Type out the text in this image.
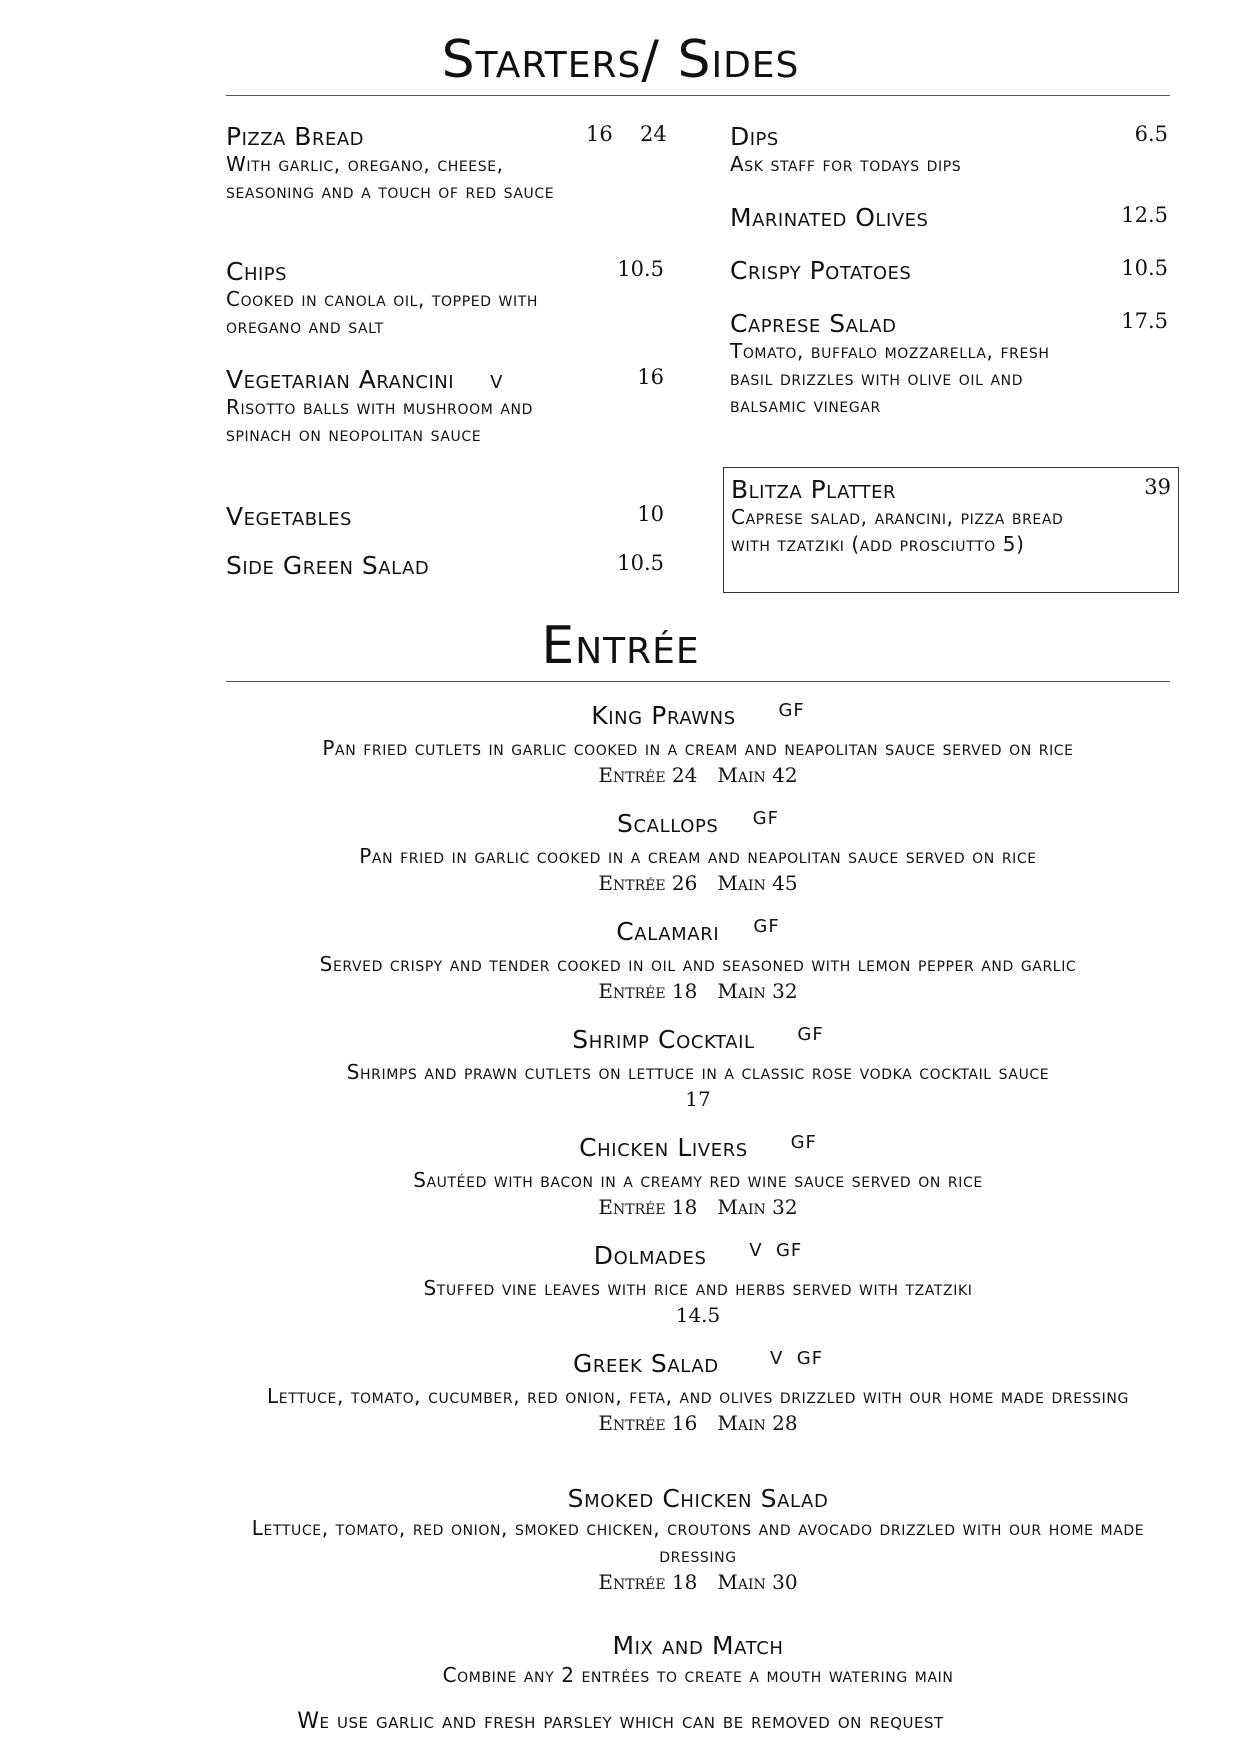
Starters/ Sides
Pizza Bread	16 24
With garlic, oregano, cheese, seasoning and a touch of red sauce
Chips	10.5
Cooked in canola oil, topped with oregano and salt
Vegetarian Arancini V	16
Risotto balls with mushroom and spinach on neopolitan sauce
Vegetables	10
Side Green Salad	10.5
Dips	6.5
Ask staff for todays dips
Marinated Olives	12.5
Crispy Potatoes	10.5
Caprese Salad	17.5
Tomato, buffalo mozzarella, fresh basil drizzles with olive oil and balsamic vinegar
Blitza Platter	39
Caprese salad, arancini, pizza bread with tzatziki (add prosciutto 5)
Entrée
King Prawns $^{GF}$
Pan fried cutlets in garlic cooked in a cream and neapolitan sauce served on rice
Entrée 24 Main 42
Scallops $^{GF}$
Pan fried in garlic cooked in a cream and neapolitan sauce served on rice
Entrée 26 Main 45
Calamari $^{GF}$
Served crispy and tender cooked in oil and seasoned with lemon pepper and garlic
Entrée 18 Main 32
Shrimp Cocktail $^{GF}$
Shrimps and prawn cutlets on lettuce in a classic rose vodka cocktail sauce
17
Chicken Livers $^{GF}$
Sautéed with bacon in a creamy red wine sauce served on rice
Entrée 18 Main 32
Dolmades $^{V GF}$
Stuffed vine leaves with rice and herbs served with tzatziki
14.5
Greek Salad	$^{V GF}$
Lettuce, tomato, cucumber, red onion, feta, and olives drizzled with our home made dressing
Entrée 16 Main 28
Smoked Chicken Salad
Lettuce, tomato, red onion, smoked chicken, croutons and avocado drizzled with our home made dressing
Entrée 18 Main 30
Mix and Match
Combine any 2 entrées to create a mouth watering main
We use garlic and fresh parsley which can be removed on request
